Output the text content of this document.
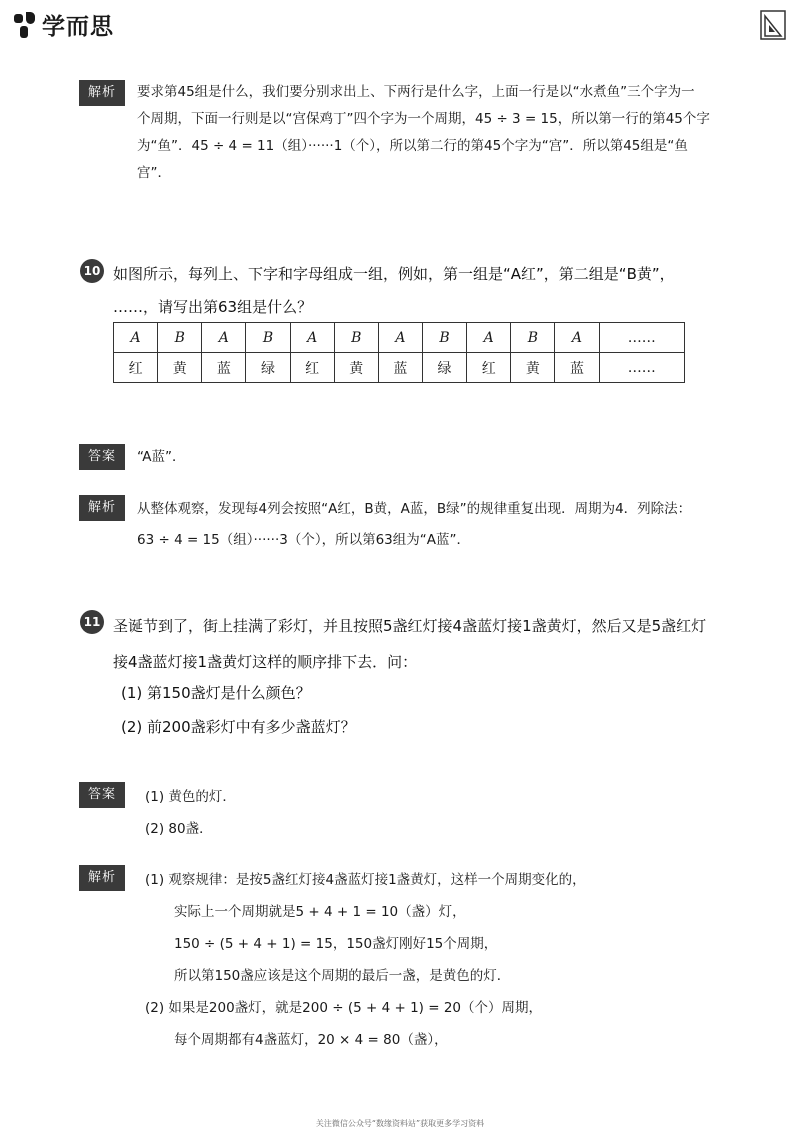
学而思
解析	要求第45组是什么，我们要分别求出上、下两行是什么字，上面一行是以“水煮鱼”三个字为一
个周期，下面一行则是以“宫保鸡丁”四个字为一个周期，45 ÷ 3 = 15，所以第一行的第45个字
为“鱼”．45 ÷ 4 = 11（组）······1（个），所以第二行的第45个字为“宫”．所以第45组是“鱼
宫”．
10 如图所示，每列上、下字和字母组成一组，例如，第一组是“A红”，第二组是“B黄”，
……，请写出第63组是什么？
A	B	A	B	A	B	A	B	A	B	A	……
红	黄	蓝	绿	红	黄	蓝	绿	红	黄	蓝	……
答案	“A蓝”．
解析	从整体观察，发现每4列会按照“A红，B黄，A蓝，B绿”的规律重复出现．周期为4．列除法：
63 ÷ 4 = 15（组）······3（个），所以第63组为“A蓝”．
11 圣诞节到了，街上挂满了彩灯，并且按照5盏红灯接4盏蓝灯接1盏黄灯，然后又是5盏红灯
接4盏蓝灯接1盏黄灯这样的顺序排下去．问：
(1) 第150盏灯是什么颜色？
(2) 前200盏彩灯中有多少盏蓝灯？
答案	(1) 黄色的灯．
(2) 80盏．
解析	(1) 观察规律：是按5盏红灯接4盏蓝灯接1盏黄灯，这样一个周期变化的，
实际上一个周期就是5 + 4 + 1 = 10（盏）灯，
150 ÷ (5 + 4 + 1) = 15，150盏灯刚好15个周期，
所以第150盏应该是这个周期的最后一盏，是黄色的灯．
(2) 如果是200盏灯，就是200 ÷ (5 + 4 + 1) = 20（个）周期，
每个周期都有4盏蓝灯，20 × 4 = 80（盏），
关注微信公众号“数缘资料站”获取更多学习资料
